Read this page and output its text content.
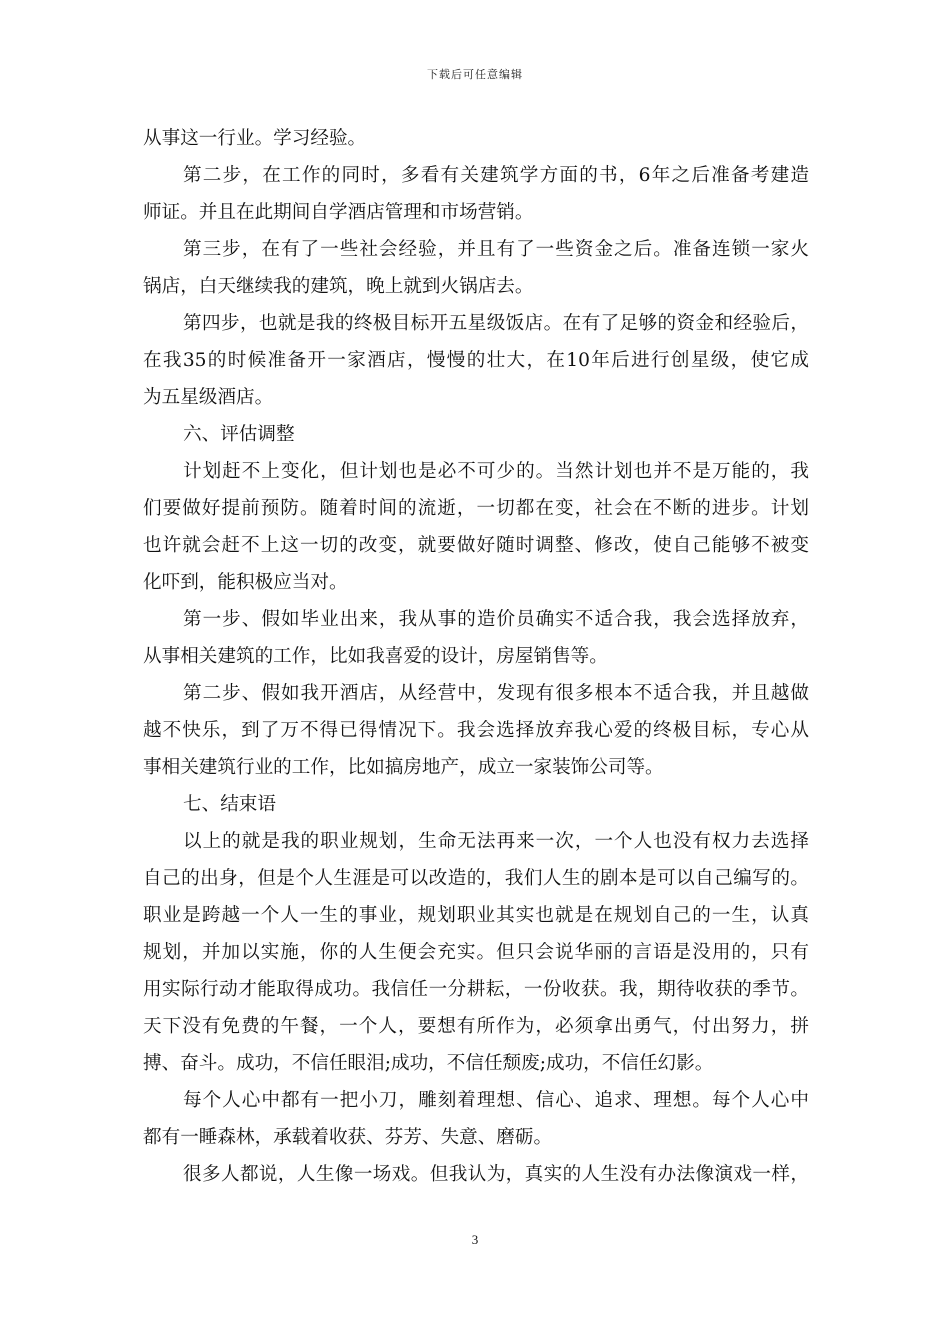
下载后可任意编辑
从事这一行业。学习经验。
第二步，在工作的同时，多看有关建筑学方面的书，6年之后准备考建造
师证。并且在此期间自学酒店管理和市场营销。
第三步，在有了一些社会经验，并且有了一些资金之后。准备连锁一家火
锅店，白天继续我的建筑，晚上就到火锅店去。
第四步，也就是我的终极目标开五星级饭店。在有了足够的资金和经验后，
在我35的时候准备开一家酒店，慢慢的壮大，在10年后进行创星级，使它成
为五星级酒店。
六、评估调整
计划赶不上变化，但计划也是必不可少的。当然计划也并不是万能的，我
们要做好提前预防。随着时间的流逝，一切都在变，社会在不断的进步。计划
也许就会赶不上这一切的改变，就要做好随时调整、修改，使自己能够不被变
化吓到，能积极应当对。
第一步、假如毕业出来，我从事的造价员确实不适合我，我会选择放弃，
从事相关建筑的工作，比如我喜爱的设计，房屋销售等。
第二步、假如我开酒店，从经营中，发现有很多根本不适合我，并且越做
越不快乐，到了万不得已得情况下。我会选择放弃我心爱的终极目标，专心从
事相关建筑行业的工作，比如搞房地产，成立一家装饰公司等。
七、结束语
以上的就是我的职业规划，生命无法再来一次，一个人也没有权力去选择
自己的出身，但是个人生涯是可以改造的，我们人生的剧本是可以自己编写的。
职业是跨越一个人一生的事业，规划职业其实也就是在规划自己的一生，认真
规划，并加以实施，你的人生便会充实。但只会说华丽的言语是没用的，只有
用实际行动才能取得成功。我信任一分耕耘，一份收获。我，期待收获的季节。
天下没有免费的午餐，一个人，要想有所作为，必须拿出勇气，付出努力，拼
搏、奋斗。成功，不信任眼泪;成功，不信任颓废;成功，不信任幻影。
每个人心中都有一把小刀，雕刻着理想、信心、追求、理想。每个人心中
都有一睡森林，承载着收获、芬芳、失意、磨砺。
很多人都说，人生像一场戏。但我认为，真实的人生没有办法像演戏一样，
3
